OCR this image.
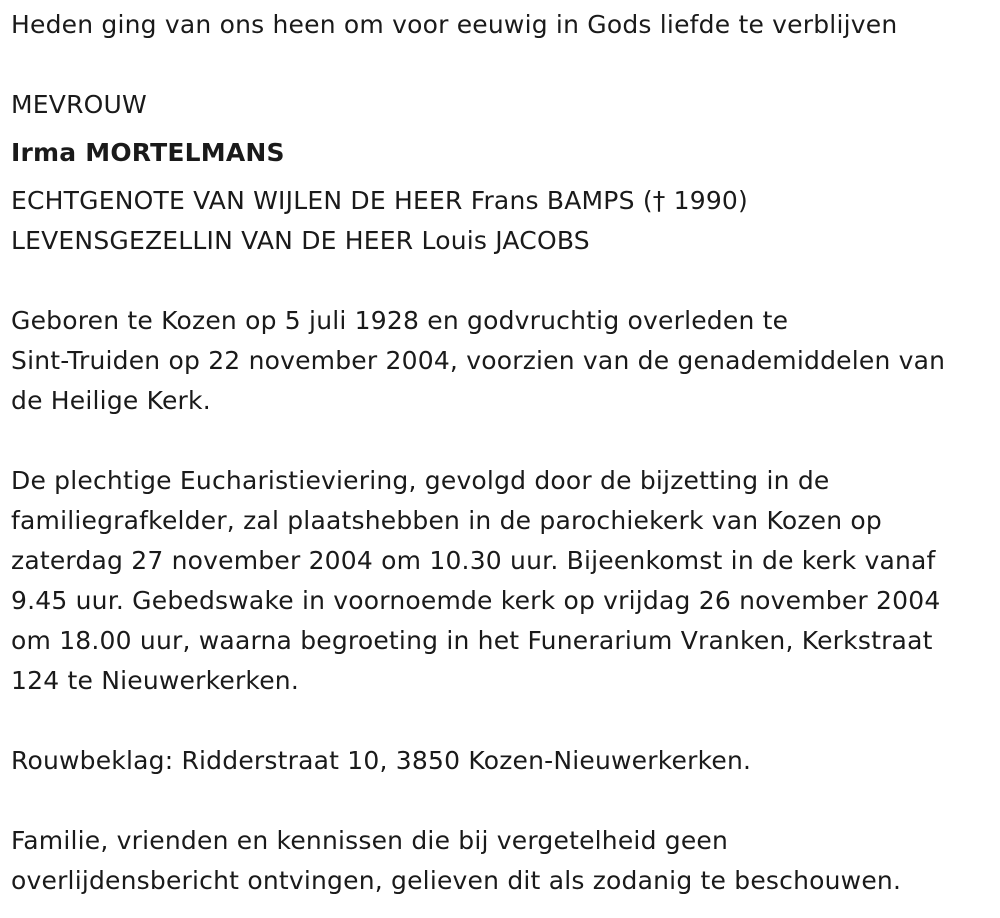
Heden ging van ons heen om voor eeuwig in Gods liefde te verblijven
MEVROUW
Irma MORTELMANS
ECHTGENOTE VAN WIJLEN DE HEER Frans BAMPS († 1990)
LEVENSGEZELLIN VAN DE HEER Louis JACOBS
Geboren te Kozen op 5 juli 1928 en godvruchtig overleden te
Sint-Truiden op 22 november 2004, voorzien van de genademiddelen van
de Heilige Kerk.
De plechtige Eucharistieviering, gevolgd door de bijzetting in de
familiegrafkelder, zal plaatshebben in de parochiekerk van Kozen op
zaterdag 27 november 2004 om 10.30 uur. Bijeenkomst in de kerk vanaf
9.45 uur. Gebedswake in voornoemde kerk op vrijdag 26 november 2004
om 18.00 uur, waarna begroeting in het Funerarium Vranken, Kerkstraat
124 te Nieuwerkerken.
Rouwbeklag: Ridderstraat 10, 3850 Kozen-Nieuwerkerken.
Familie, vrienden en kennissen die bij vergetelheid geen
overlijdensbericht ontvingen, gelieven dit als zodanig te beschouwen.
